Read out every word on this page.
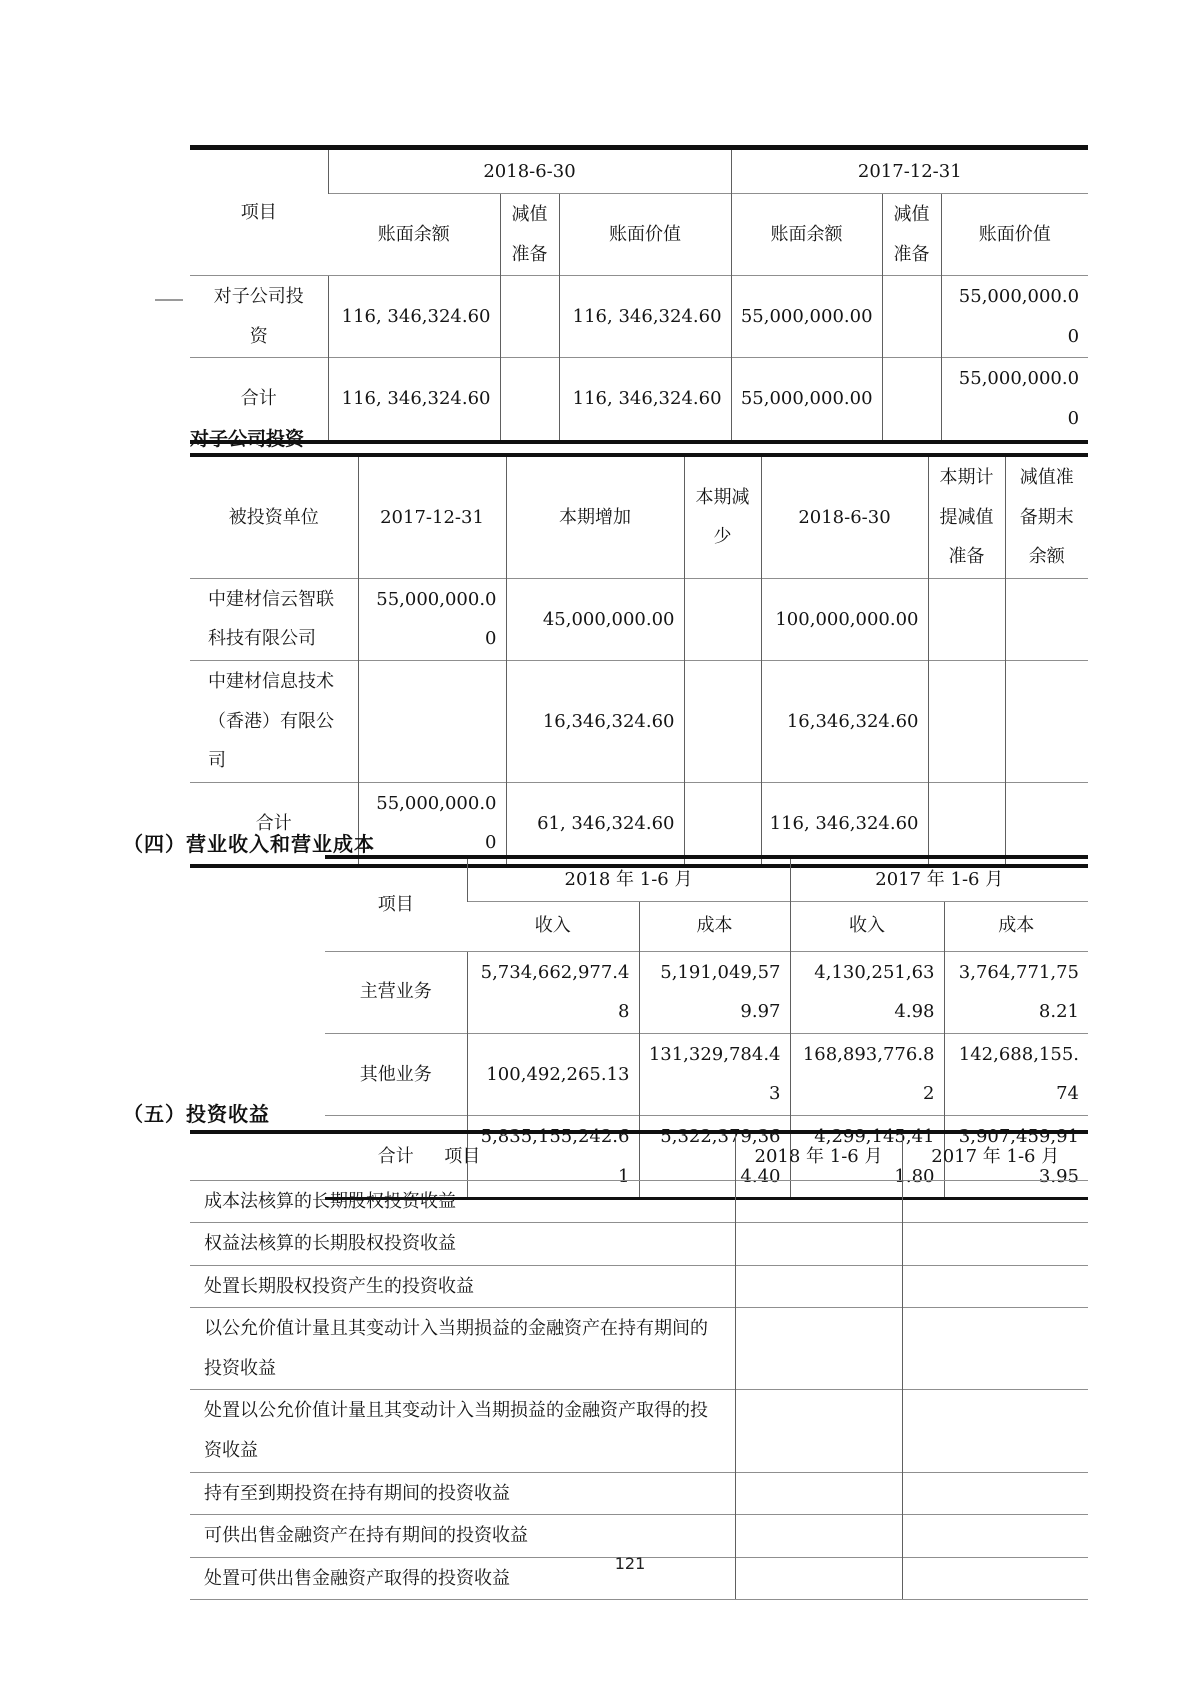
项目	2018-6-30			2017-12-31		
	账面余额	减值准备	账面价值	账面余额	减值准备	账面价值
对子公司投资	116, 346,324.60		116, 346,324.60	55,000,000.00		55,000,000.00
合计	116, 346,324.60		116, 346,324.60	55,000,000.00		55,000,000.00
对子公司投资
被投资单位	2017-12-31	本期增加	本期减少	2018-6-30	本期计提减值准备	减值准备期末余额
中建材信云智联科技有限公司	55,000,000.00	45,000,000.00		100,000,000.00		
中建材信息技术（香港）有限公司		16,346,324.60		16,346,324.60		
合计	55,000,000.00	61, 346,324.60		116, 346,324.60		
（四）营业收入和营业成本
项目	2018 年 1-6 月		2017 年 1-6 月	
	收入	成本	收入	成本
主营业务	5,734,662,977.48	5,191,049,579.97	4,130,251,634.98	3,764,771,758.21
其他业务	100,492,265.13	131,329,784.43	168,893,776.82	142,688,155.74
合计	5,835,155,242.61	5,322,379,364.40	4,299,145,411.80	3,907,459,913.95
（五）投资收益
项目	2018 年 1-6 月	2017 年 1-6 月
成本法核算的长期股权投资收益		
权益法核算的长期股权投资收益		
处置长期股权投资产生的投资收益		
以公允价值计量且其变动计入当期损益的金融资产在持有期间的投资收益		
处置以公允价值计量且其变动计入当期损益的金融资产取得的投资收益		
持有至到期投资在持有期间的投资收益		
可供出售金融资产在持有期间的投资收益		
处置可供出售金融资产取得的投资收益		
121
